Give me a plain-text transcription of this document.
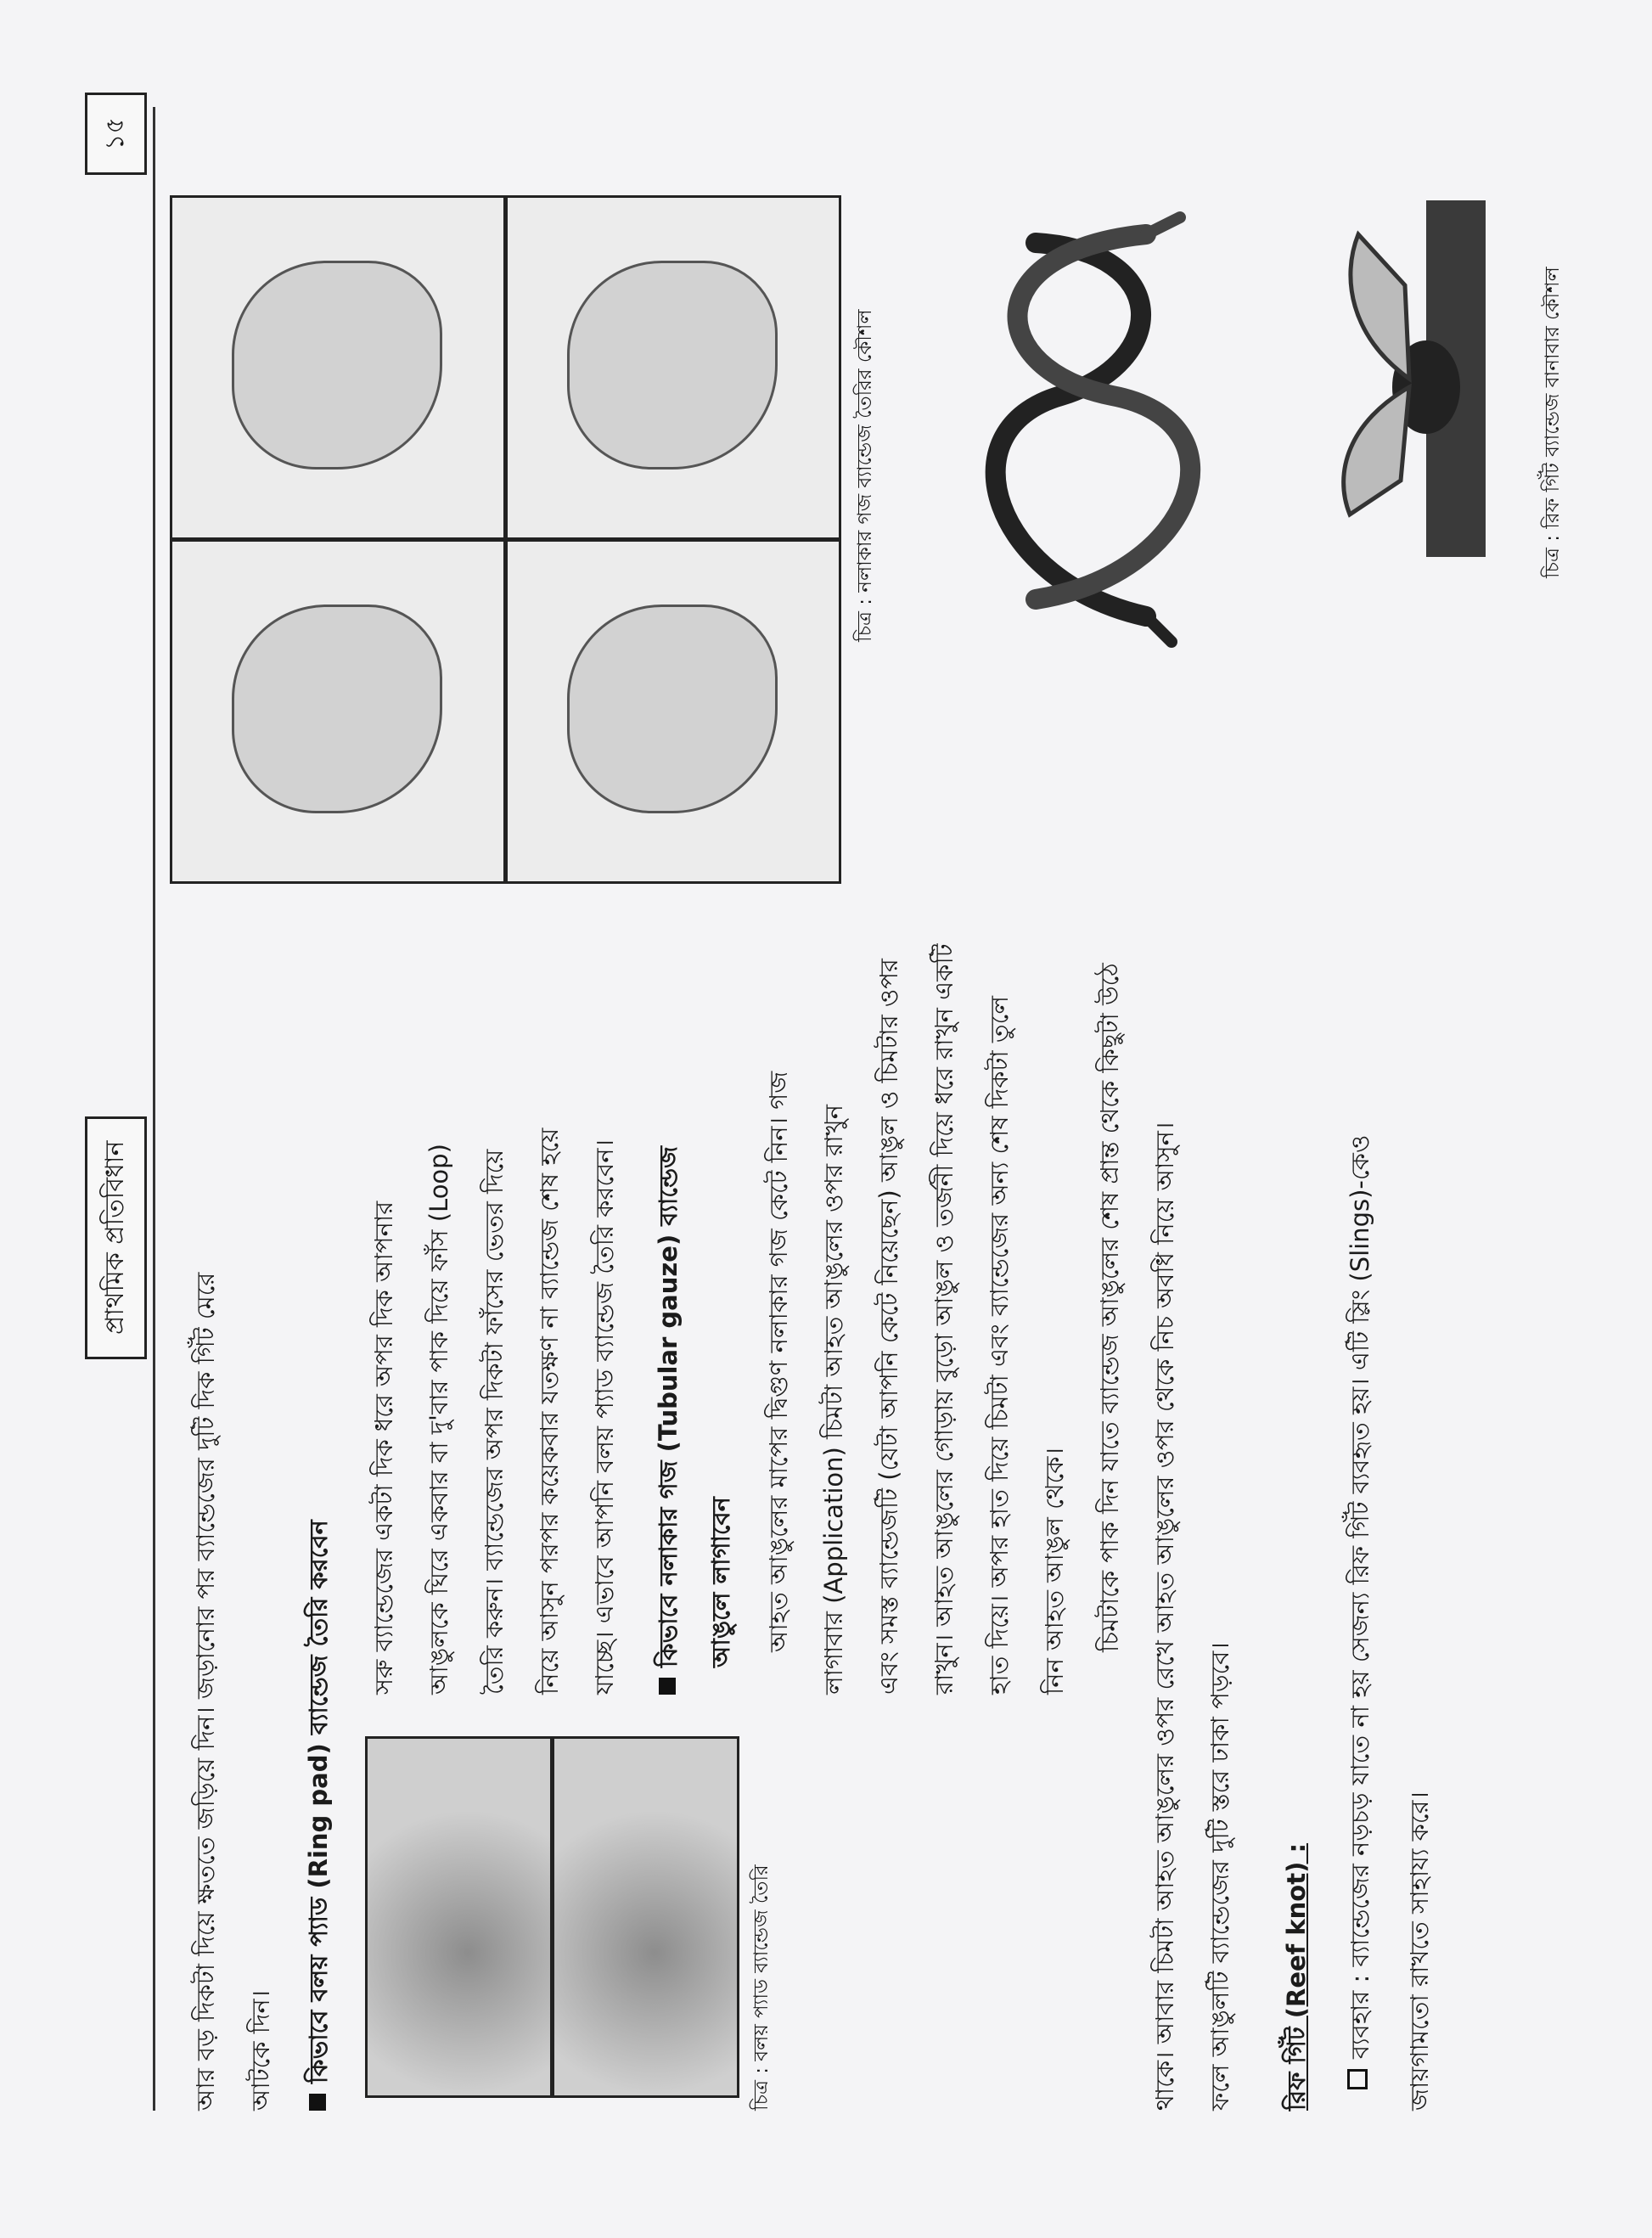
প্রাথমিক প্রতিবিধান
১৫
আর বড় দিকটা দিয়ে ক্ষততে জড়িয়ে দিন। জড়ানোর পর ব্যান্ডেজের দুটি দিক গিঁট মেরে আটকে দিন। কিভাবে বলয় প্যাড (Ring pad) ব্যান্ডেজ তৈরি করবেন	চিত্র : বলয় প্যাড ব্যান্ডেজ তৈরি
সরু ব্যান্ডেজের একটা দিক ধরে অপর দিক আপনার আঙুলকে ঘিরে একবার বা দু'বার পাক দিয়ে ফাঁস (Loop) তৈরি করুন। ব্যান্ডেজের অপর দিকটা ফাঁসের ভেতর দিয়ে নিয়ে আসুন পরপর কয়েকবার যতক্ষণ না ব্যান্ডেজ শেষ হয়ে যাচ্ছে। এভাবে আপনি বলয় প্যাড ব্যান্ডেজ তৈরি করবেন। কিভাবে নলাকার গজ (Tubular gauze) ব্যান্ডেজ আঙুলে লাগাবেন আহত আঙুলের মাপের দ্বিগুণ নলাকার গজ কেটে নিন। গজ লাগাবার (Application) চিমটা আহত আঙুলের ওপর রাখুন এবং সমস্ত ব্যান্ডেজটি (যেটা আপনি কেটে নিয়েছেন) আঙুল ও চিমটার ওপর রাখুন। আহত আঙুলের গোড়ায় বুড়ো আঙুল ও তর্জনী দিয়ে ধরে রাখুন একটি হাত দিয়ে। অপর হাত দিয়ে চিমটা এবং ব্যান্ডেজের অন্য শেষ দিকটা তুলে নিন আহত আঙুল থেকে।
চিত্র : নলাকার গজ ব্যান্ডেজ তৈরির কৌশল	চিত্র : রিফ গিঁট ব্যান্ডেজ বানাবার কৌশল
চিমটাকে পাক দিন যাতে ব্যান্ডেজ আঙুলের শেষ প্রান্ত থেকে কিছুটা উঠে থাকে। আবার চিমটা আহত আঙুলের ওপর রেখে আহত আঙুলের ওপর থেকে নিচ অবধি নিয়ে আসুন। ফলে আঙুলটি ব্যান্ডেজের দুটি স্তরে ঢাকা পড়বে। রিফ গিঁট (Reef knot) : ব্যবহার : ব্যান্ডেজের নড়চড় যাতে না হয় সেজন্য রিফ গিঁট ব্যবহৃত হয়। এটি স্লিং (Slings)-কেও জায়গামতো রাখতে সাহায্য করে।
